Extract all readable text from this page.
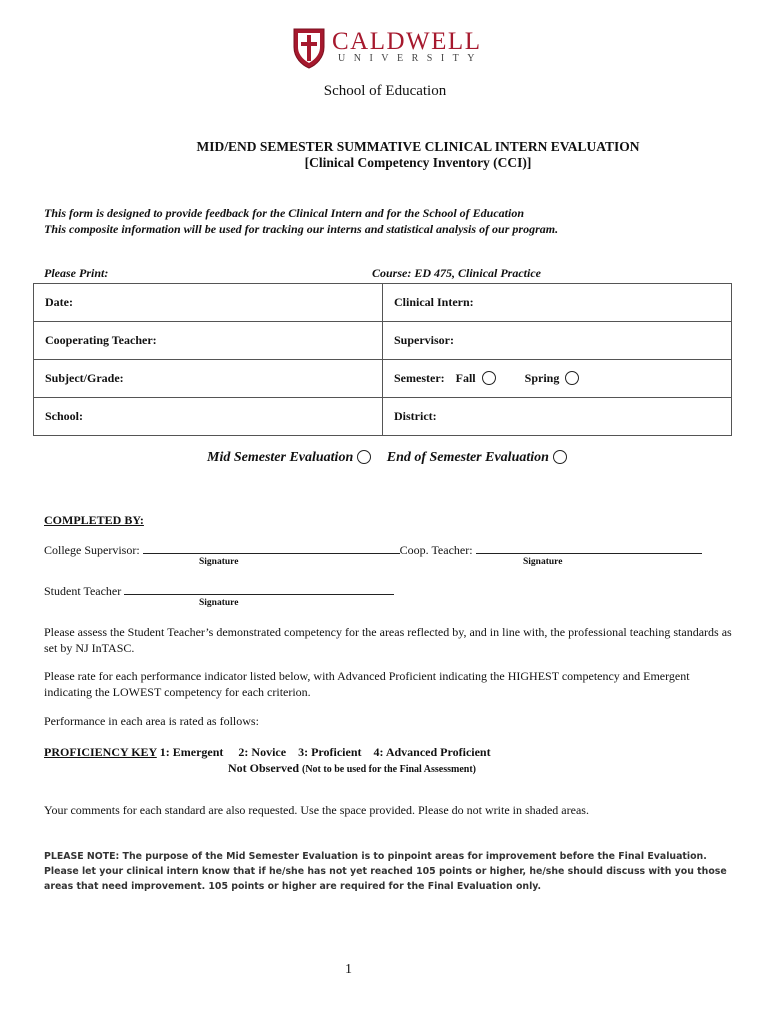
CALDWELL
UNIVERSITY
School of Education
MID/END SEMESTER SUMMATIVE CLINICAL INTERN EVALUATION
[Clinical Competency Inventory (CCI)]
This form is designed to provide feedback for the Clinical Intern and for the School of Education
This composite information will be used for tracking our interns and statistical analysis of our program.
Please Print:	Course: ED 475, Clinical Practice
Date:	Clinical Intern:
Cooperating Teacher:	Supervisor:
Subject/Grade:	Semester: Fall Spring
School:	District:
Mid Semester Evaluation End of Semester Evaluation
COMPLETED BY:
College Supervisor:	Coop. Teacher:
Signature	Signature
Student Teacher
Signature
Please assess the Student Teacher’s demonstrated competency for the areas reflected by, and in line with, the professional teaching standards as set by NJ InTASC.
Please rate for each performance indicator listed below, with Advanced Proficient indicating the HIGHEST competency and Emergent indicating the LOWEST competency for each criterion.
Performance in each area is rated as follows:
PROFICIENCY KEY 1: Emergent     2: Novice    3: Proficient    4: Advanced Proficient
Not Observed (Not to be used for the Final Assessment)
Your comments for each standard are also requested. Use the space provided. Please do not write in shaded areas.
PLEASE NOTE: The purpose of the Mid Semester Evaluation is to pinpoint areas for improvement before the Final Evaluation. Please let your clinical intern know that if he/she has not yet reached 105 points or higher, he/she should discuss with you those areas that need improvement. 105 points or higher are required for the Final Evaluation only.
1
